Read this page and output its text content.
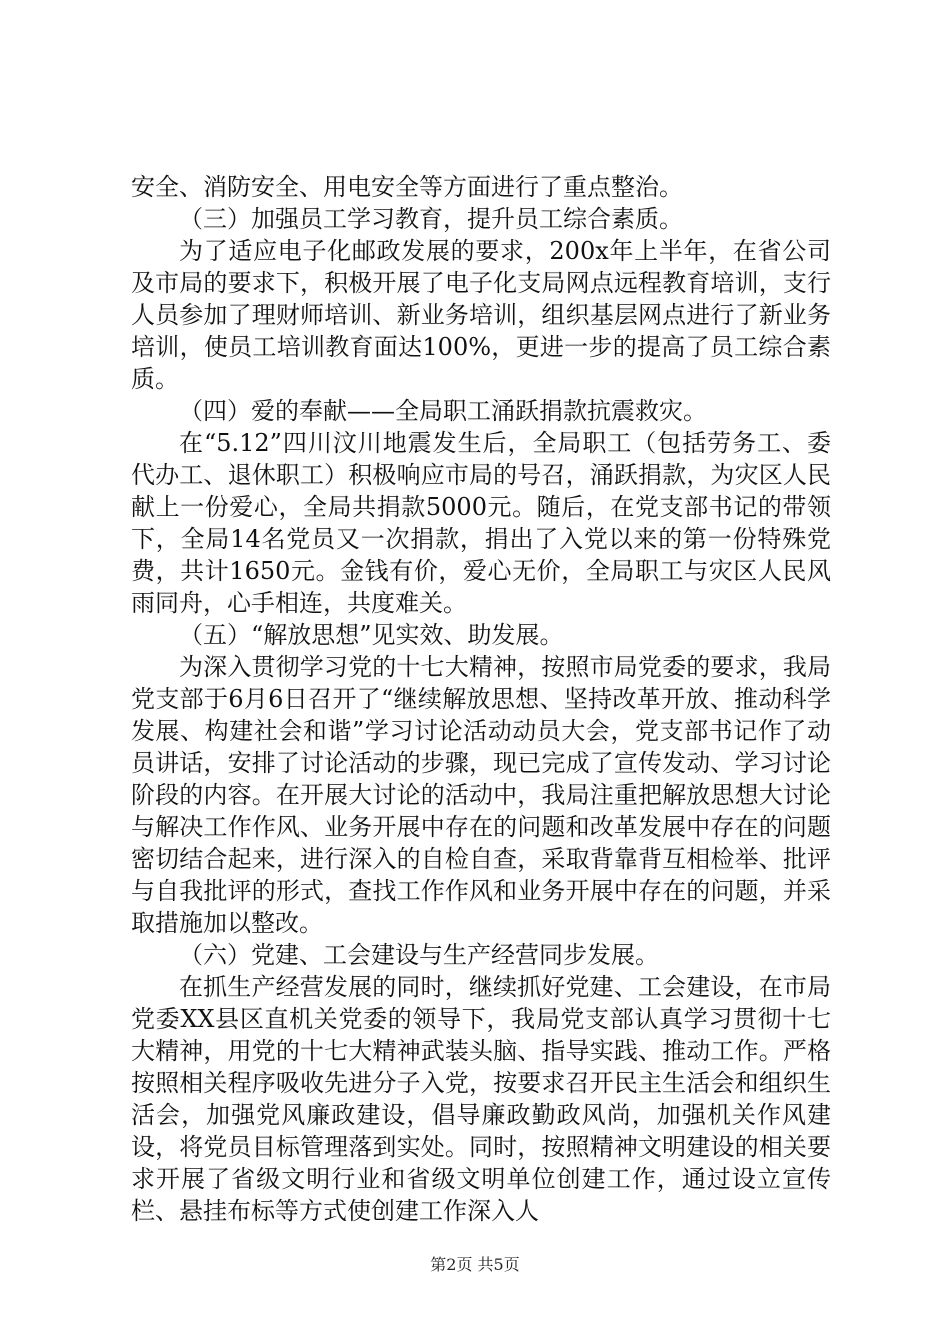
安全、消防安全、用电安全等方面进行了重点整治。

（三）加强员工学习教育，提升员工综合素质。

为了适应电子化邮政发展的要求，200x年上半年，在省公司及市局的要求下，积极开展了电子化支局网点远程教育培训，支行人员参加了理财师培训、新业务培训，组织基层网点进行了新业务培训，使员工培训教育面达100%，更进一步的提高了员工综合素质。

（四）爱的奉献——全局职工涌跃捐款抗震救灾。

在“5.12”四川汶川地震发生后，全局职工（包括劳务工、委代办工、退休职工）积极响应市局的号召，涌跃捐款，为灾区人民献上一份爱心，全局共捐款5000元。随后，在党支部书记的带领下，全局14名党员又一次捐款，捐出了入党以来的第一份特殊党费，共计1650元。金钱有价，爱心无价，全局职工与灾区人民风雨同舟，心手相连，共度难关。

（五）“解放思想”见实效、助发展。

为深入贯彻学习党的十七大精神，按照市局党委的要求，我局党支部于6月6日召开了“继续解放思想、坚持改革开放、推动科学发展、构建社会和谐”学习讨论活动动员大会，党支部书记作了动员讲话，安排了讨论活动的步骤，现已完成了宣传发动、学习讨论阶段的内容。在开展大讨论的活动中，我局注重把解放思想大讨论与解决工作作风、业务开展中存在的问题和改革发展中存在的问题密切结合起来，进行深入的自检自查，采取背靠背互相检举、批评与自我批评的形式，查找工作作风和业务开展中存在的问题，并采取措施加以整改。

（六）党建、工会建设与生产经营同步发展。

在抓生产经营发展的同时，继续抓好党建、工会建设，在市局党委XX县区直机关党委的领导下，我局党支部认真学习贯彻十七大精神，用党的十七大精神武装头脑、指导实践、推动工作。严格按照相关程序吸收先进分子入党，按要求召开民主生活会和组织生活会，加强党风廉政建设，倡导廉政勤政风尚，加强机关作风建设，将党员目标管理落到实处。同时，按照精神文明建设的相关要求开展了省级文明行业和省级文明单位创建工作，通过设立宣传栏、悬挂布标等方式使创建工作深入人

第2页 共5页
